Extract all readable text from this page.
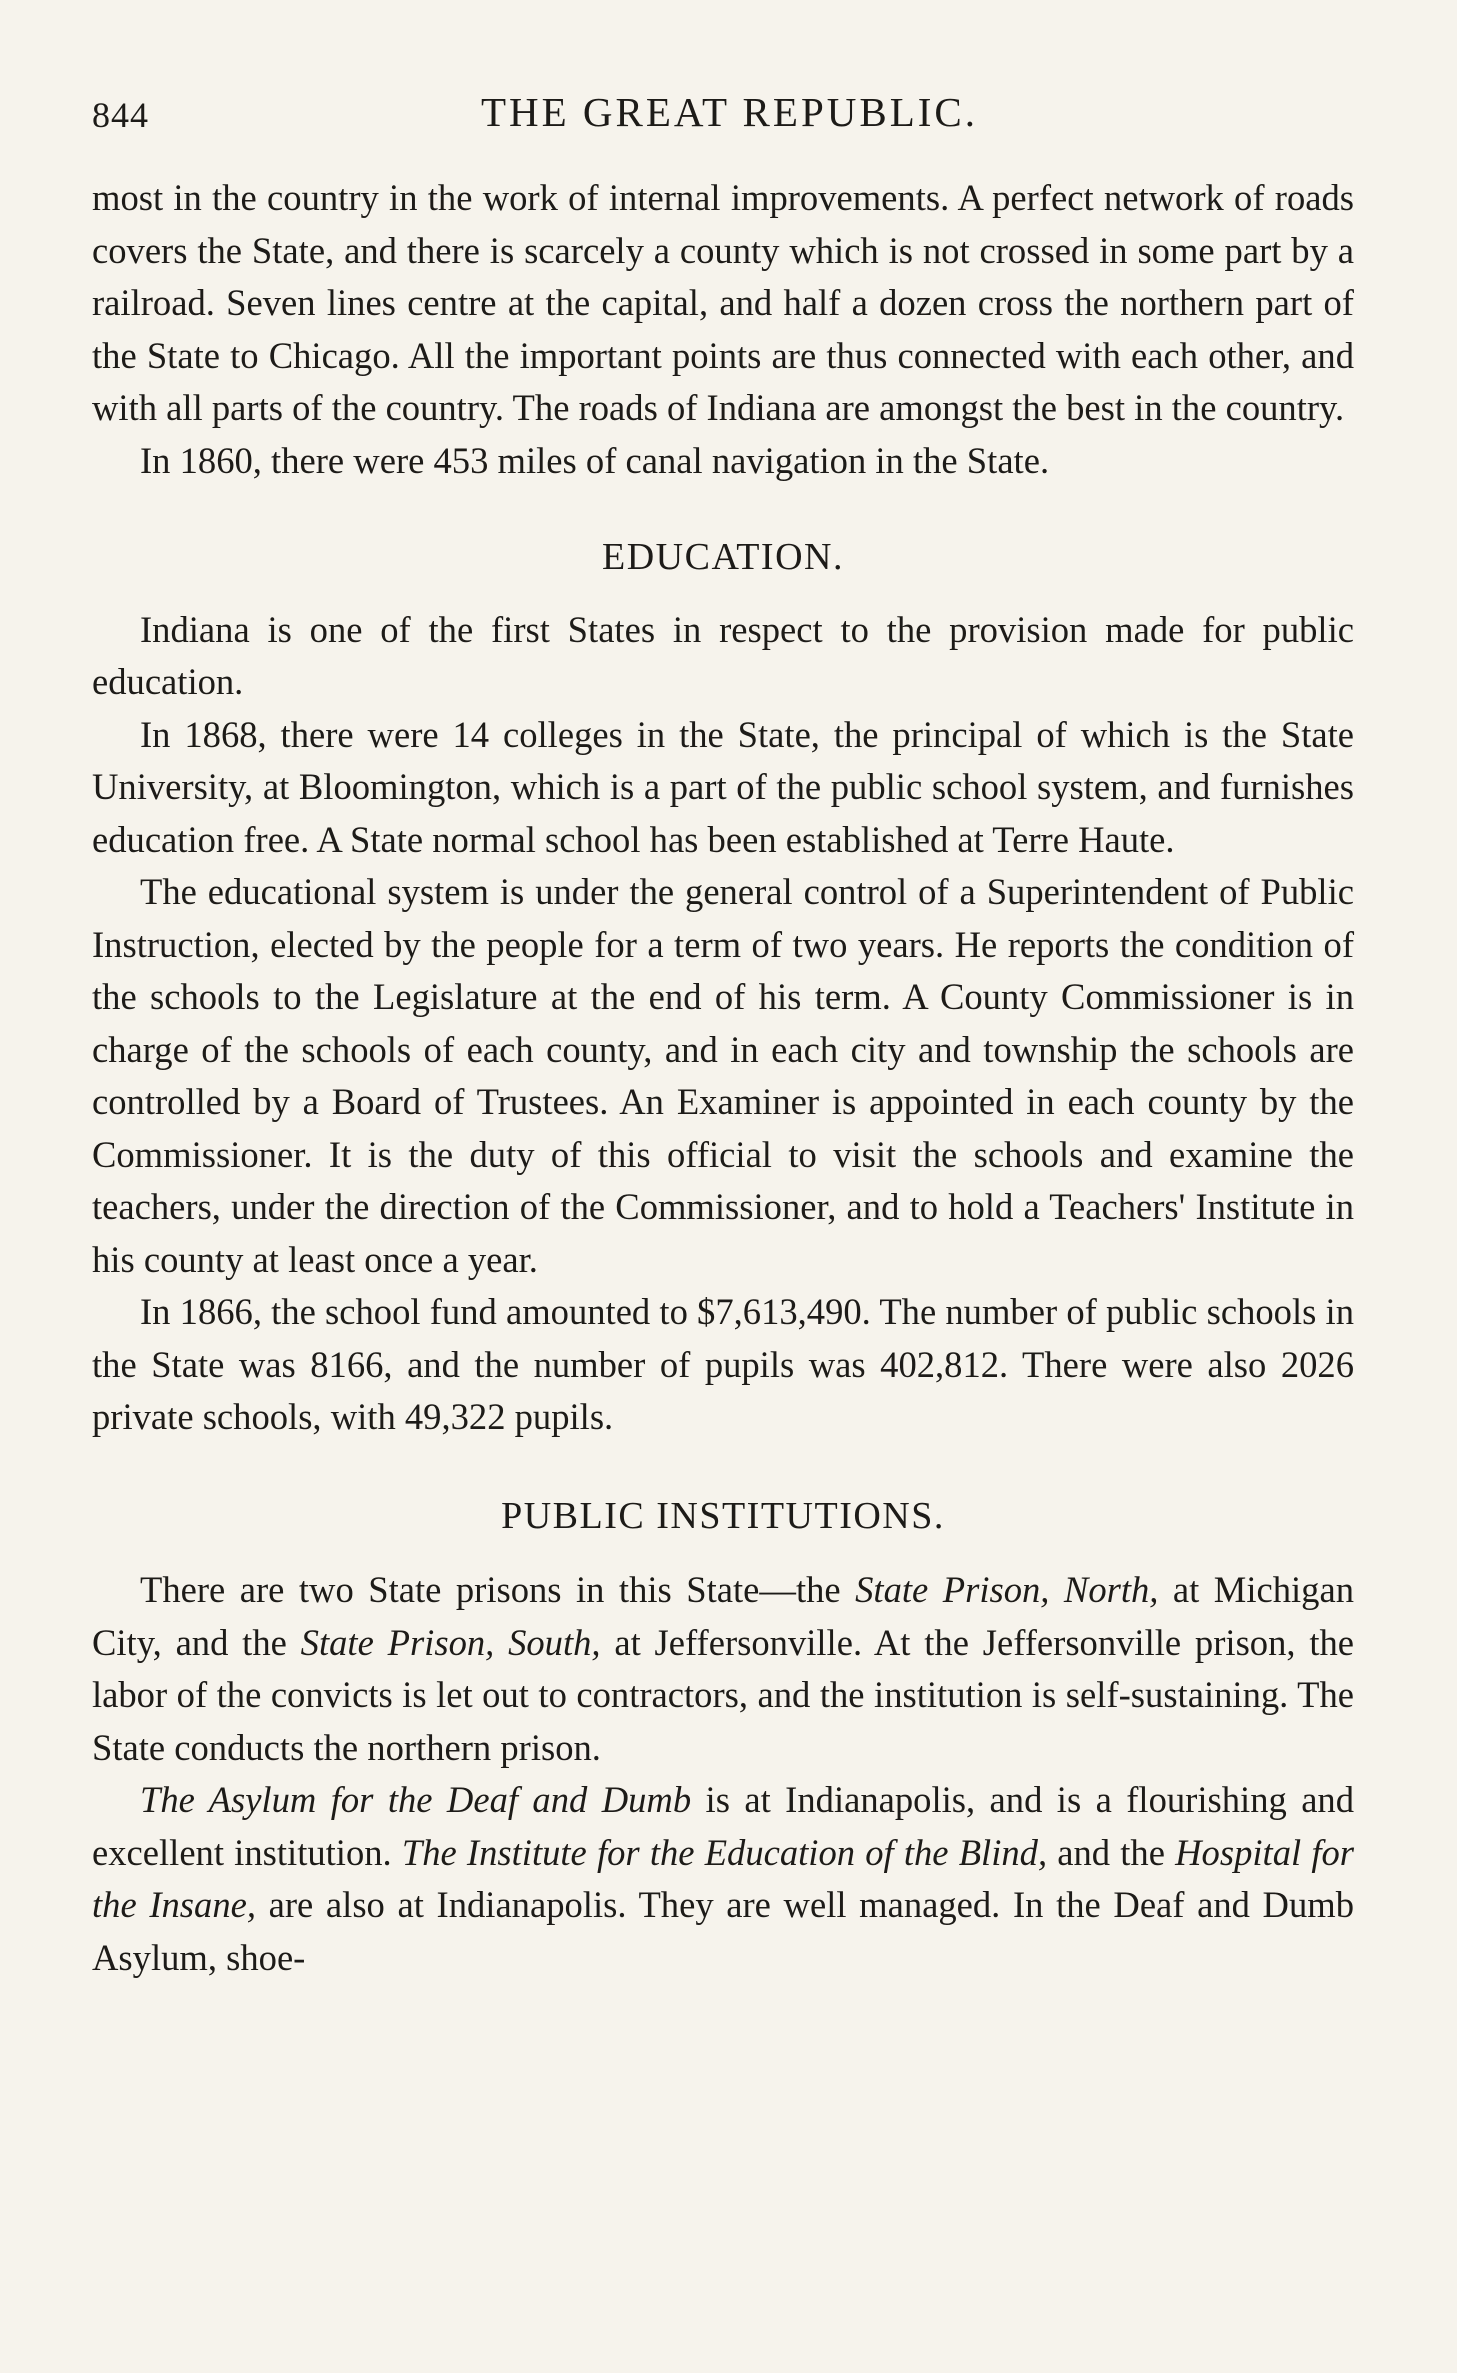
844	THE GREAT REPUBLIC.

most in the country in the work of internal improvements. A perfect network of roads covers the State, and there is scarcely a county which is not crossed in some part by a railroad. Seven lines centre at the capital, and half a dozen cross the northern part of the State to Chicago. All the important points are thus connected with each other, and with all parts of the country. The roads of Indiana are amongst the best in the country.

In 1860, there were 453 miles of canal navigation in the State.

EDUCATION.

Indiana is one of the first States in respect to the provision made for public education.

In 1868, there were 14 colleges in the State, the principal of which is the State University, at Bloomington, which is a part of the public school system, and furnishes education free. A State normal school has been established at Terre Haute.

The educational system is under the general control of a Superintendent of Public Instruction, elected by the people for a term of two years. He reports the condition of the schools to the Legislature at the end of his term. A County Commissioner is in charge of the schools of each county, and in each city and township the schools are controlled by a Board of Trustees. An Examiner is appointed in each county by the Commissioner. It is the duty of this official to visit the schools and examine the teachers, under the direction of the Commissioner, and to hold a Teachers' Institute in his county at least once a year.

In 1866, the school fund amounted to $7,613,490. The number of public schools in the State was 8166, and the number of pupils was 402,812. There were also 2026 private schools, with 49,322 pupils.

PUBLIC INSTITUTIONS.

There are two State prisons in this State—the State Prison, North, at Michigan City, and the State Prison, South, at Jeffersonville. At the Jeffersonville prison, the labor of the convicts is let out to contractors, and the institution is self-sustaining. The State conducts the northern prison.

The Asylum for the Deaf and Dumb is at Indianapolis, and is a flourishing and excellent institution. The Institute for the Education of the Blind, and the Hospital for the Insane, are also at Indianapolis. They are well managed. In the Deaf and Dumb Asylum, shoe-
